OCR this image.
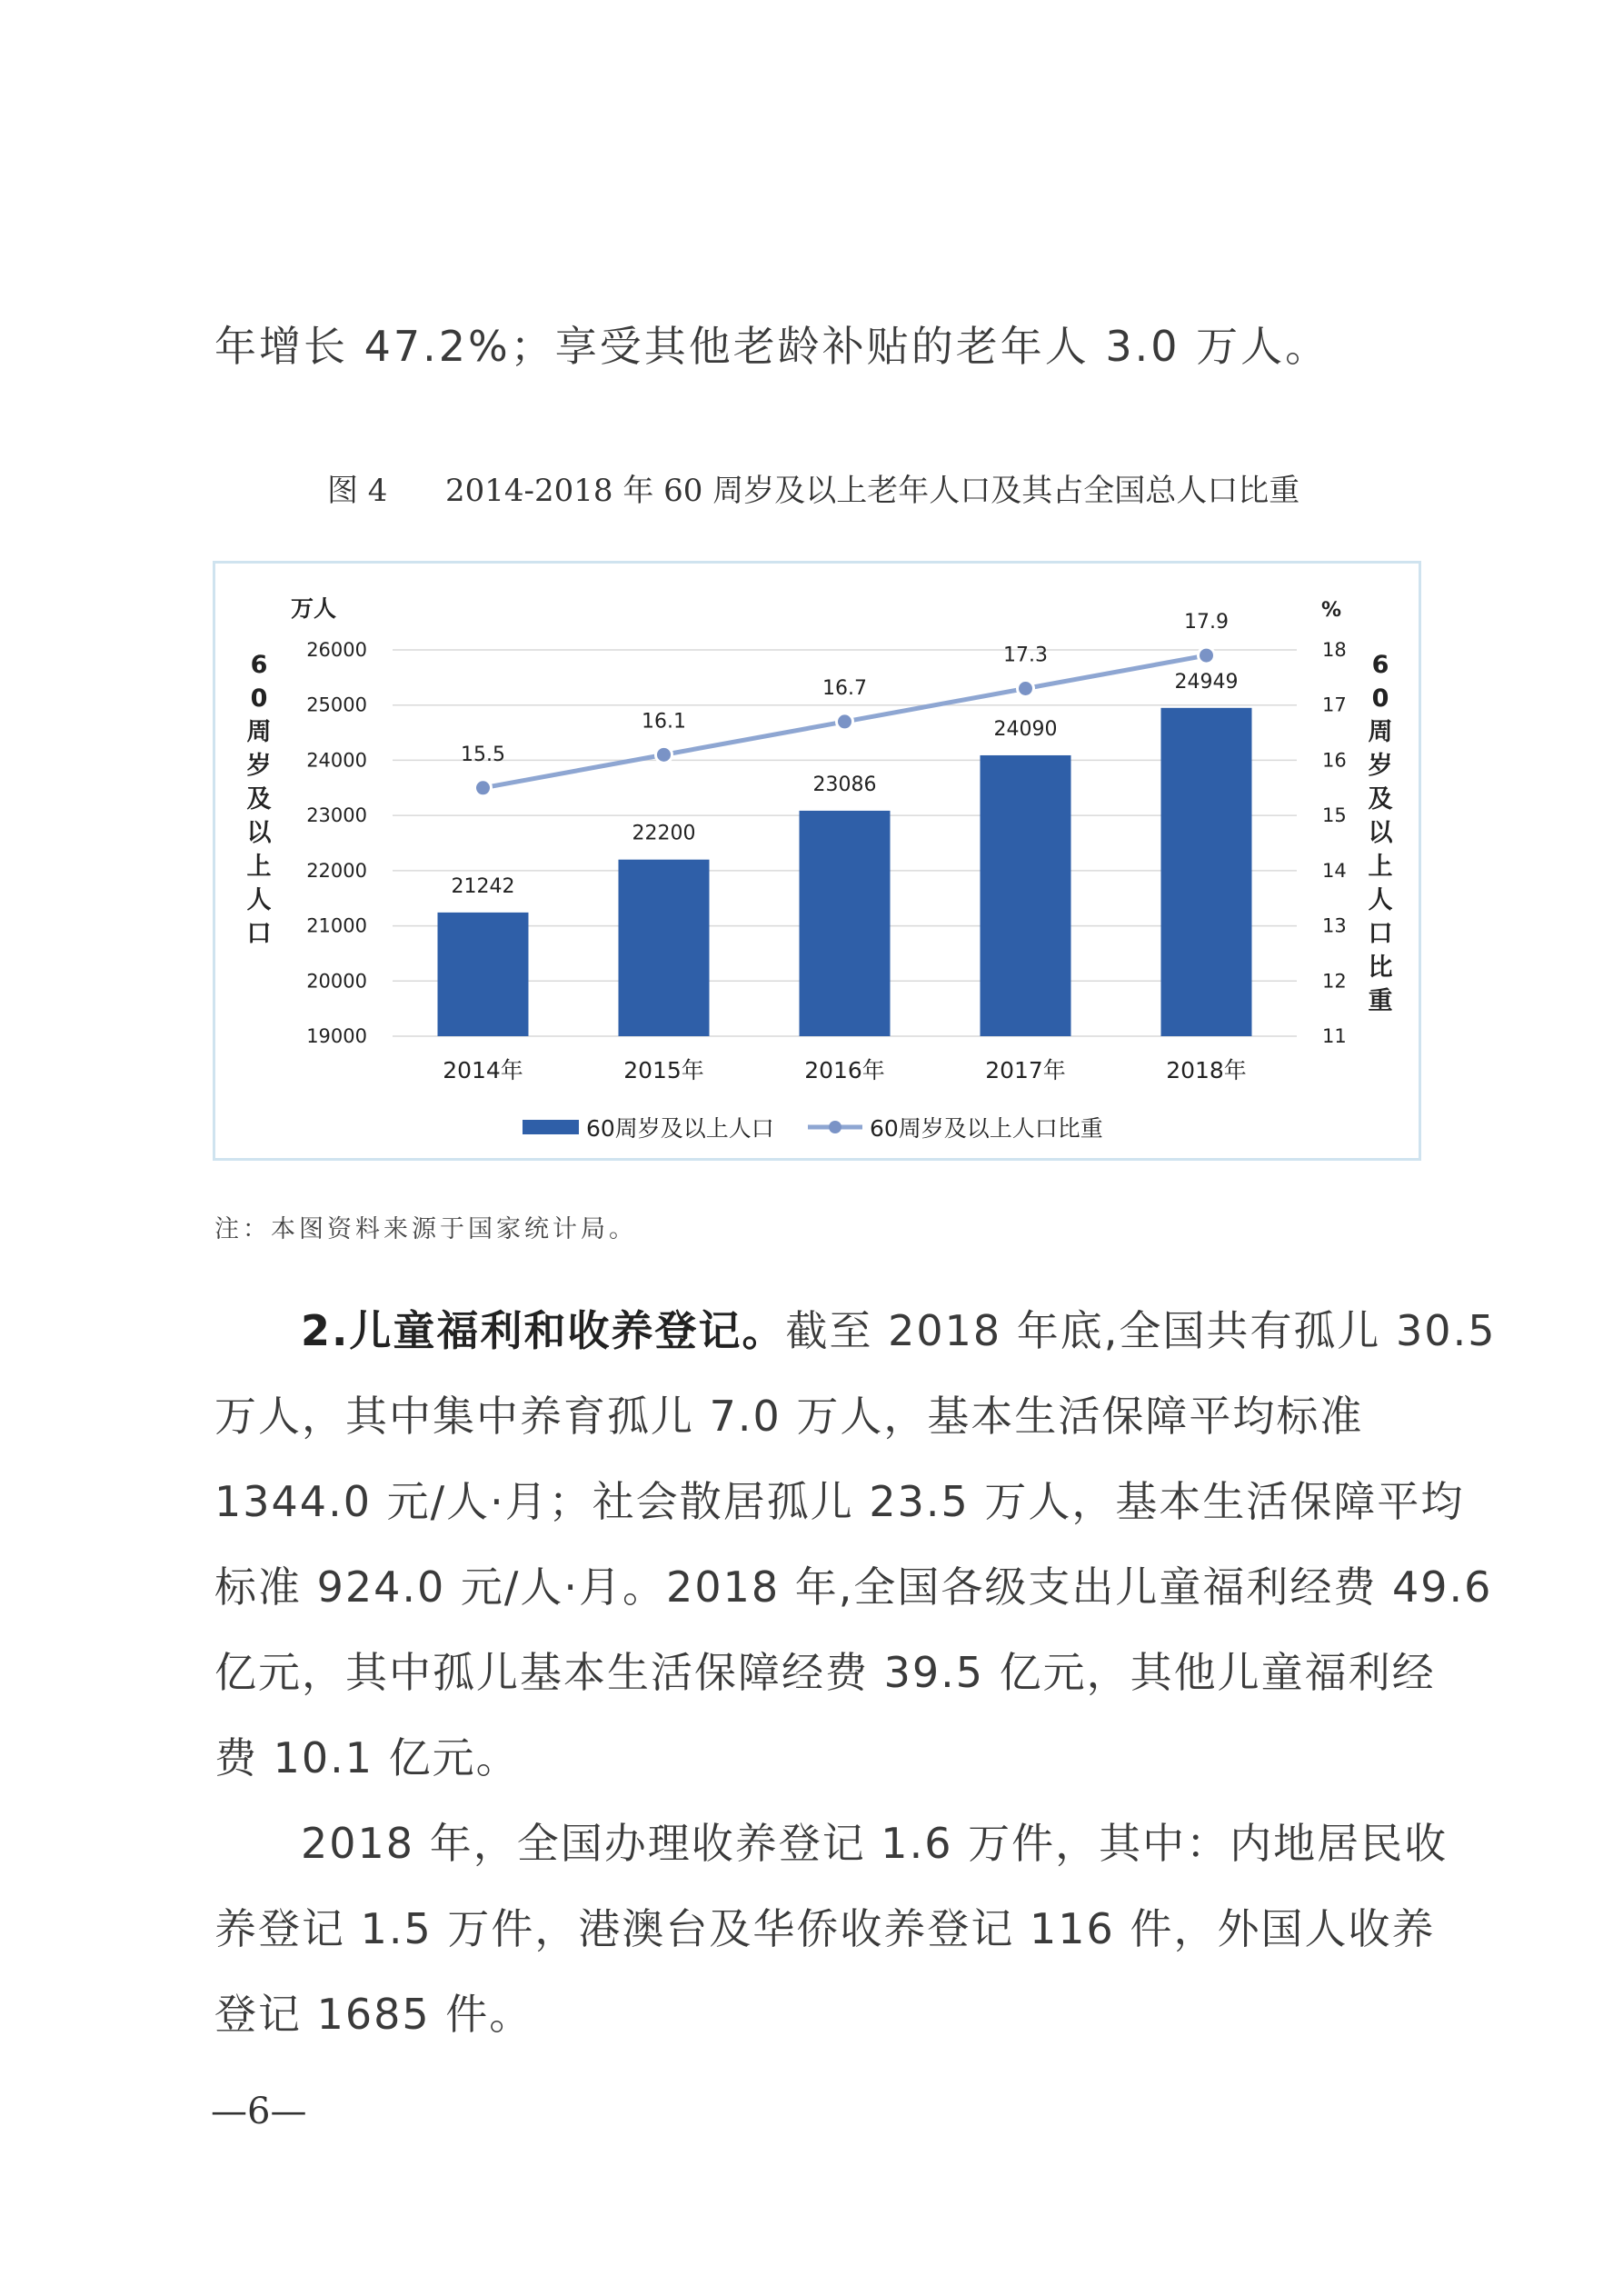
年增长 47.2%；享受其他老龄补贴的老年人 3.0 万人。
图 4 2014-2018 年 60 周岁及以上老年人口及其占全国总人口比重
21242
2014年
22200
2015年
23086
2016年
24090
2017年
24949
2018年
15.5
16.1
16.7
17.3
17.9
19000
20000
21000
22000
23000
24000
25000
26000
11
12
13
14
15
16
17
18
万人	%
6 0 周岁及以上人口
6 0 周岁及以上人口比重
60周岁及以上人口	60周岁及以上人口比重
注：本图资料来源于国家统计局。
2.儿童福利和收养登记。截至 2018 年底,全国共有孤儿 30.5
万人，其中集中养育孤儿 7.0 万人，基本生活保障平均标准
1344.0 元/人·月；社会散居孤儿 23.5 万人，基本生活保障平均
标准 924.0 元/人·月。2018 年,全国各级支出儿童福利经费 49.6
亿元，其中孤儿基本生活保障经费 39.5 亿元，其他儿童福利经
费 10.1 亿元。
2018 年，全国办理收养登记 1.6 万件，其中：内地居民收
养登记 1.5 万件，港澳台及华侨收养登记 116 件，外国人收养
登记 1685 件。
—6—
